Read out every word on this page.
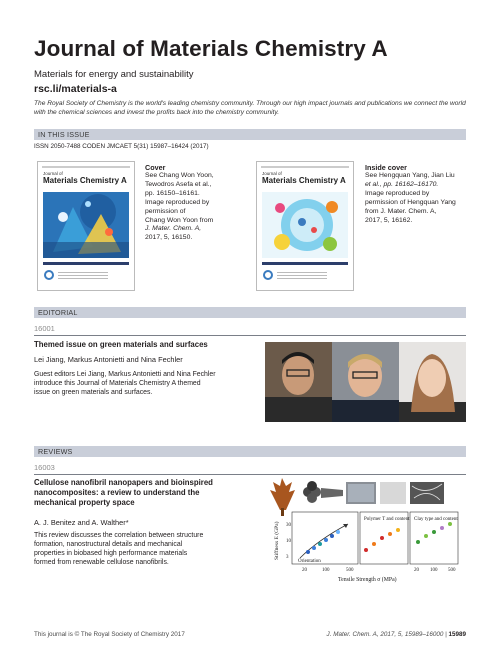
Journal of Materials Chemistry A
Materials for energy and sustainability
rsc.li/materials-a
The Royal Society of Chemistry is the world's leading chemistry community. Through our high impact journals and publications we connect the world with the chemical sciences and invest the profits back into the chemistry community.
IN THIS ISSUE
ISSN 2050-7488 CODEN JMCAET 5(31) 15987–16424 (2017)
Journal of
Materials Chemistry A
Cover
See Chang Won Yoon,
Tewodros Asefa et al.,
pp. 16150–16161.
Image reproduced by
permission of
Chang Won Yoon from
J. Mater. Chem. A,
2017, 5, 16150.
Journal of
Materials Chemistry A
Inside cover
See Hengquan Yang, Jian Liu
et al., pp. 16162–16170.
Image reproduced by
permission of Hengquan Yang
from J. Mater. Chem. A,
2017, 5, 16162.
EDITORIAL
16001
Themed issue on green materials and surfaces
Lei Jiang, Markus Antonietti and Nina Fechler
Guest editors Lei Jiang, Markus Antonietti and Nina Fechler
introduce this Journal of Materials Chemistry A themed
issue on green materials and surfaces.
REVIEWS
16003
Cellulose nanofibril nanopapers and bioinspired
nanocomposites: a review to understand the
mechanical property space
A. J. Benitez and A. Walther*
This review discusses the correlation between structure
formation, nanostructural details and mechanical
properties in biobased high performance materials
formed from renewable cellulose nanofibrils.
Stiffness E (GPa) 30
10
3
20	100	500	20 100 500
Tensile Strength σ (MPa)
Polymer T and content Clay type and content
Orientation
This journal is © The Royal Society of Chemistry 2017	J. Mater. Chem. A, 2017, 5, 15989–16000 | 15989
